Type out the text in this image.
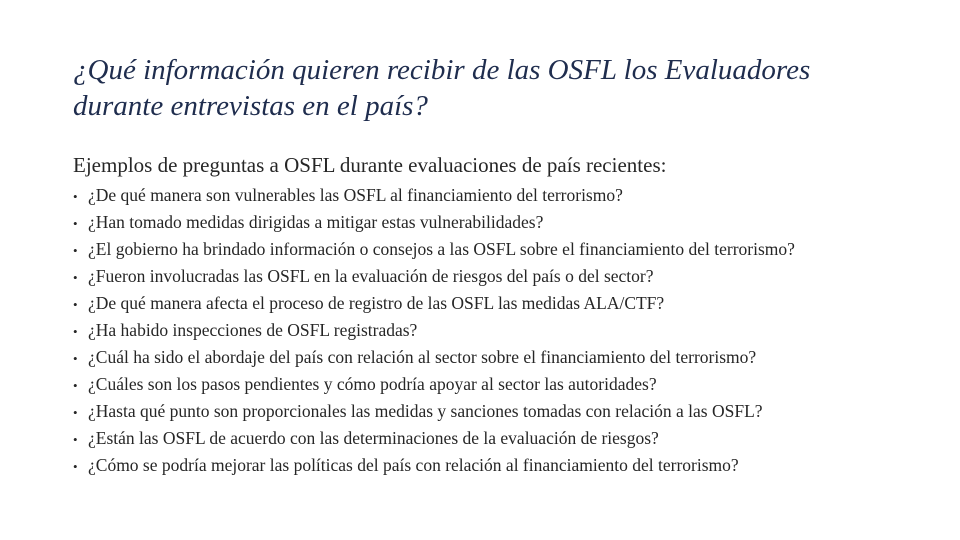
¿Qué información quieren recibir de las OSFL los Evaluadores
durante entrevistas en el país?

Ejemplos de preguntas a OSFL durante evaluaciones de país recientes:

• ¿De qué manera son vulnerables las OSFL al financiamiento del terrorismo?
• ¿Han tomado medidas dirigidas a mitigar estas vulnerabilidades?
• ¿El gobierno ha brindado información o consejos a las OSFL sobre el financiamiento del terrorismo?
• ¿Fueron involucradas las OSFL en la evaluación de riesgos del país o del sector?
• ¿De qué manera afecta el proceso de registro de las OSFL las medidas ALA/CTF?
• ¿Ha habido inspecciones de OSFL registradas?
• ¿Cuál ha sido el abordaje del país con relación al sector sobre el financiamiento del terrorismo?
• ¿Cuáles son los pasos pendientes y cómo podría apoyar al sector las autoridades?
• ¿Hasta qué punto son proporcionales las medidas y sanciones tomadas con relación a las OSFL?
• ¿Están las OSFL de acuerdo con las determinaciones de la evaluación de riesgos?
• ¿Cómo se podría mejorar las políticas del país con relación al financiamiento del terrorismo?
